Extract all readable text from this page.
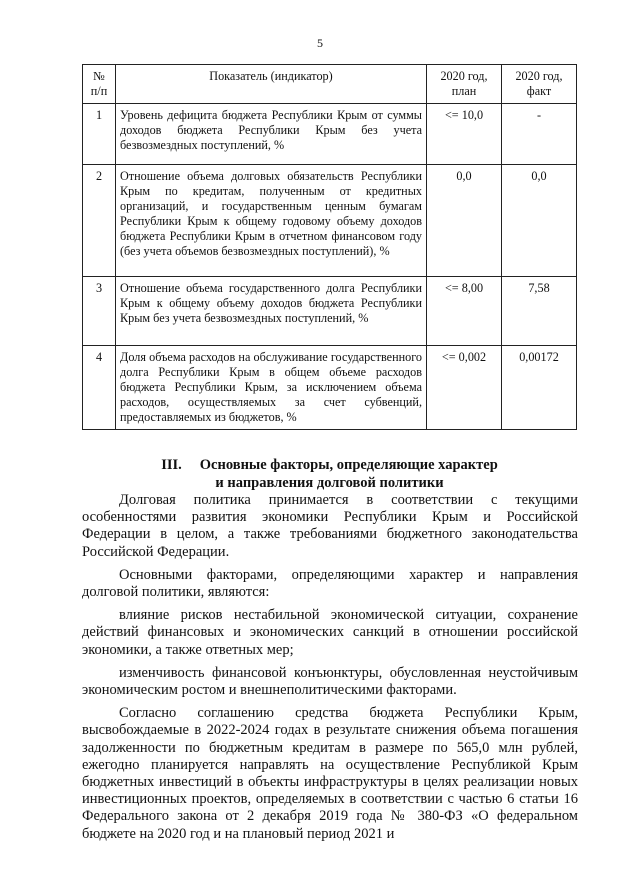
5
№ п/п	Показатель (индикатор)	2020 год, план	2020 год, факт
1	Уровень дефицита бюджета Республики Крым от суммы доходов бюджета Республики Крым без учета безвозмездных поступлений, %	<= 10,0	-
2	Отношение объема долговых обязательств Республики Крым по кредитам, полученным от кредитных организаций, и государственным ценным бумагам Республики Крым к общему годовому объему доходов бюджета Республики Крым в отчетном финансовом году (без учета объемов безвозмездных поступлений), %	0,0	0,0
3	Отношение объема государственного долга Республики Крым к общему объему доходов бюджета Республики Крым без учета безвозмездных поступлений, %	<= 8,00	7,58
4	Доля объема расходов на обслуживание государственного долга Республики Крым в общем объеме расходов бюджета Республики Крым, за исключением объема расходов, осуществляемых за счет субвенций, предоставляемых из бюджетов, %	<= 0,002	0,00172
III. Основные факторы, определяющие характер
и направления долговой политики

Долговая политика принимается в соответствии с текущими особенностями развития экономики Республики Крым и Российской Федерации в целом, а также требованиями бюджетного законодательства Российской Федерации.

Основными факторами, определяющими характер и направления долговой политики, являются:

влияние рисков нестабильной экономической ситуации, сохранение действий финансовых и экономических санкций в отношении российской экономики, а также ответных мер;

изменчивость финансовой конъюнктуры, обусловленная неустойчивым экономическим ростом и внешнеполитическими факторами.

Согласно соглашению средства бюджета Республики Крым, высвобождаемые в 2022-2024 годах в результате снижения объема погашения задолженности по бюджетным кредитам в размере по 565,0 млн рублей, ежегодно планируется направлять на осуществление Республикой Крым бюджетных инвестиций в объекты инфраструктуры в целях реализации новых инвестиционных проектов, определяемых в соответствии с частью 6 статьи 16 Федерального закона от 2 декабря 2019 года № 380-ФЗ «О федеральном бюджете на 2020 год и на плановый период 2021 и
